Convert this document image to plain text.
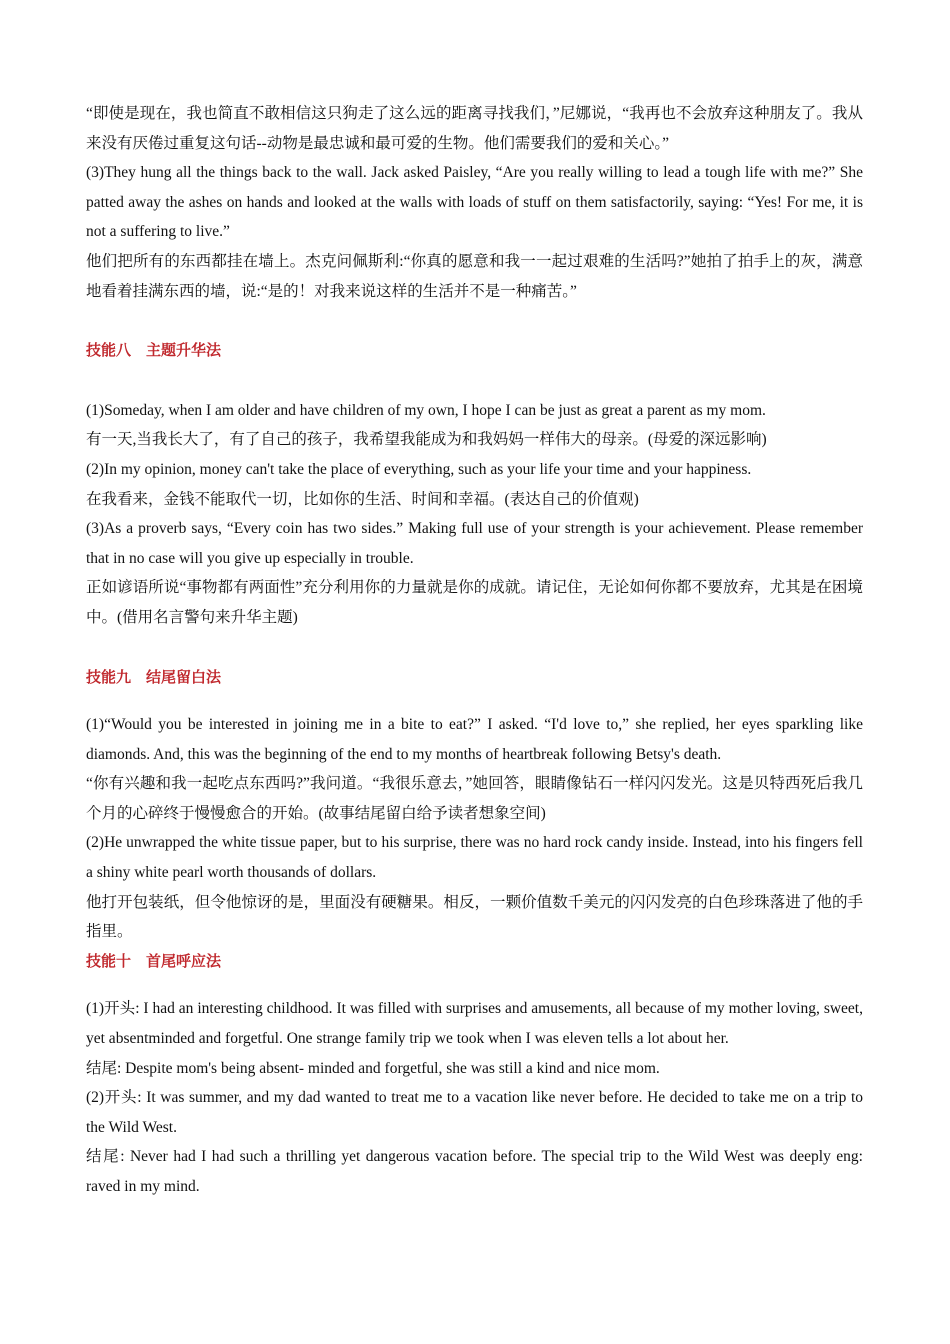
“即使是现在，我也简直不敢相信这只狗走了这么远的距离寻找我们，”尼娜说，“我再也不会放弃这种朋友了。我从来没有厌倦过重复这句话--动物是最忠诚和最可爱的生物。他们需要我们的爱和关心。”

(3)They hung all the things back to the wall. Jack asked Paisley, “Are you really willing to lead a tough life with me?” She patted away the ashes on hands and looked at the walls with loads of stuff on them satisfactorily, saying: “Yes! For me, it is not a suffering to live.”

他们把所有的东西都挂在墙上。杰克问佩斯利:“你真的愿意和我一一起过艰难的生活吗?”她拍了拍手上的灰，满意地看着挂满东西的墙，说:“是的！对我来说这样的生活并不是一种痛苦。”

技能八　主题升华法

(1)Someday, when I am older and have children of my own, I hope I can be just as great a parent as my mom.

有一天,当我长大了，有了自己的孩子，我希望我能成为和我妈妈一样伟大的母亲。(母爱的深远影响)

(2)In my opinion, money can't take the place of everything, such as your life your time and your happiness.

在我看来，金钱不能取代一切，比如你的生活、时间和幸福。(表达自己的价值观)

(3)As a proverb says, “Every coin has two sides.” Making full use of your strength is your achievement. Please remember that in no case will you give up especially in trouble.

正如谚语所说“事物都有两面性”充分利用你的力量就是你的成就。请记住，无论如何你都不要放弃，尤其是在困境中。(借用名言警句来升华主题)

技能九　结尾留白法

(1)“Would you be interested in joining me in a bite to eat?” I asked. “I'd love to,” she replied, her eyes sparkling like diamonds. And, this was the beginning of the end to my months of heartbreak following Betsy's death.

“你有兴趣和我一起吃点东西吗?”我问道。“我很乐意去，”她回答，眼睛像钻石一样闪闪发光。这是贝特西死后我几个月的心碎终于慢慢愈合的开始。(故事结尾留白给予读者想象空间)

(2)He unwrapped the white tissue paper, but to his surprise, there was no hard rock candy inside. Instead, into his fingers fell a shiny white pearl worth thousands of dollars.

他打开包装纸，但令他惊讶的是，里面没有硬糖果。相反，一颗价值数千美元的闪闪发亮的白色珍珠落进了他的手指里。

技能十　首尾呼应法

(1)开头: I had an interesting childhood. It was filled with surprises and amusements, all because of my mother loving, sweet, yet absentminded and forgetful. One strange family trip we took when I was eleven tells a lot about her.

结尾: Despite mom's being absent- minded and forgetful, she was still a kind and nice mom.

(2)开头: It was summer, and my dad wanted to treat me to a vacation like never before. He decided to take me on a trip to the Wild West.

结尾: Never had I had such a thrilling yet dangerous vacation before. The special trip to the Wild West was deeply eng: raved in my mind.
